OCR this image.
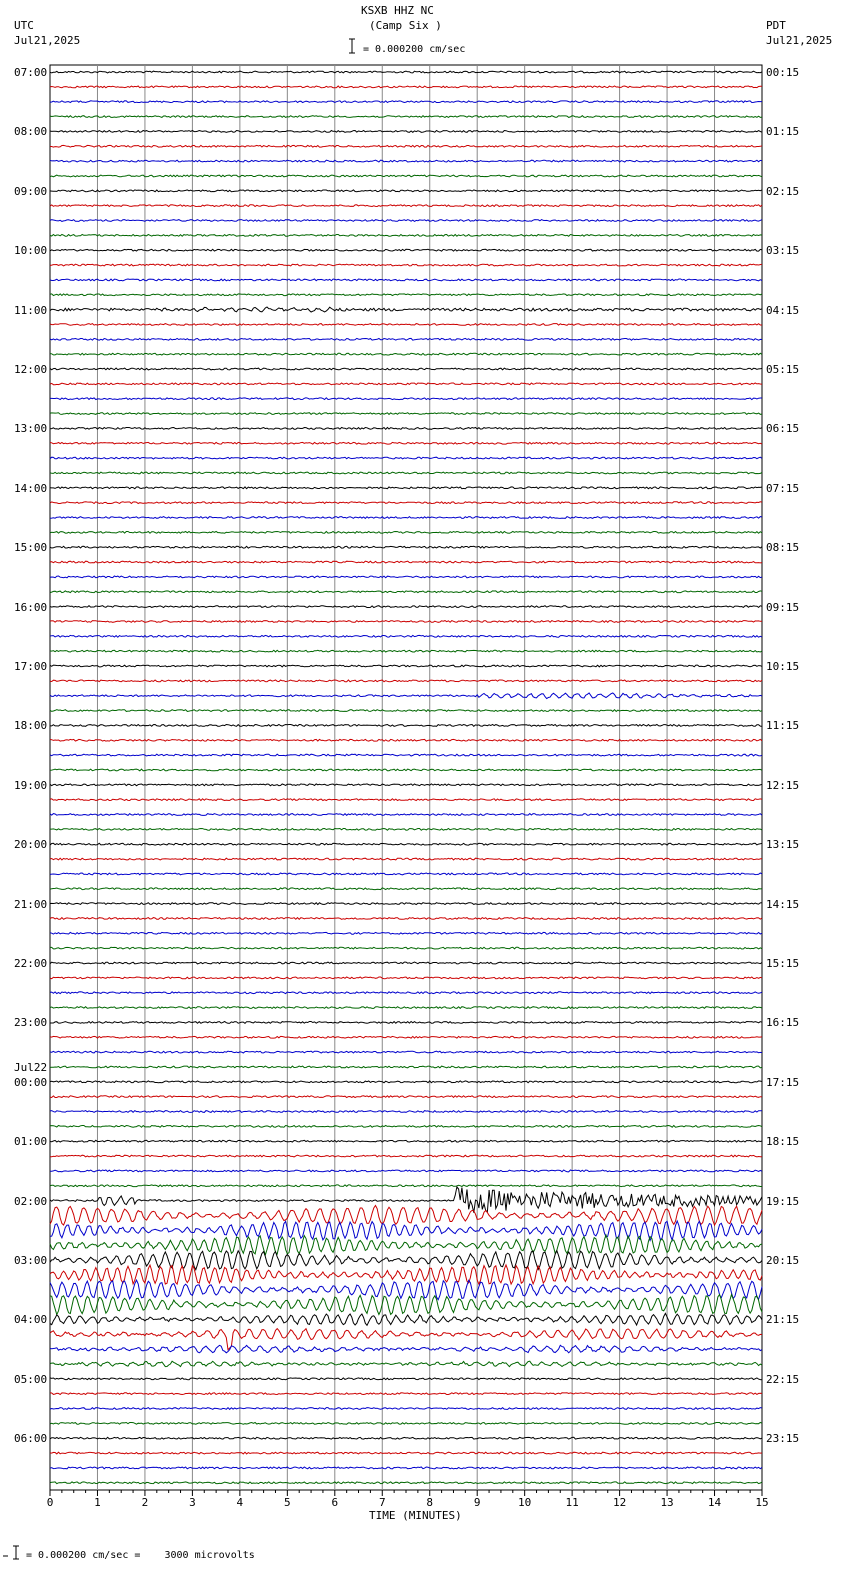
KSXB HHZ NC
(Camp Six )
= 0.000200 cm/sec
UTC
Jul21,2025
PDT
Jul21,2025
Jul22
TIME (MINUTES)
= 0.000200 cm/sec =    3000 microvolts
0	1	2	3	4	5	6	7	8	9	10	11	12	13	14	15
07:00
08:00
09:00
10:00
11:00
12:00
13:00
14:00
15:00
16:00
17:00
18:00
19:00
20:00
21:00
22:00
23:00
00:00
01:00
02:00
03:00
04:00
05:00
06:00
00:15
01:15
02:15
03:15
04:15
05:15
06:15
07:15
08:15
09:15
10:15
11:15
12:15
13:15
14:15
15:15
16:15
17:15
18:15
19:15
20:15
21:15
22:15
23:15
